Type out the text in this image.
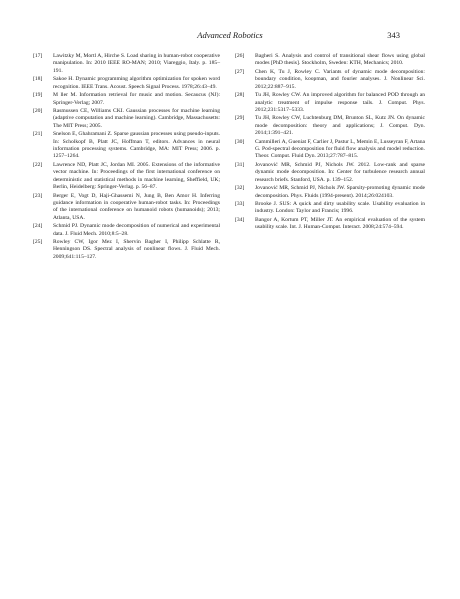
Advanced Robotics	343
[17]	Lawitzky M, Mortl A, Hirche S. Load sharing in human-robot cooperative manipulation. In: 2010 IEEE RO-MAN; 2010; Viareggio, Italy. p. 185–191.
[18]	Sakoe H. Dynamic programming algorithm optimization for spoken word recognition. IEEE Trans. Acoust. Speech Signal Process. 1978;26:43–49.
[19]	M ller M. Information retrieval for music and motion. Secaucus (NJ): Springer-Verlag; 2007.
[20]	Rasmussen CE, Williams CKI. Gaussian processes for machine learning (adaptive computation and machine learning). Cambridge, Massachusetts: The MIT Press; 2005.
[21]	Snelson E, Ghahramani Z. Sparse gaussian processes using pseudo-inputs. In: Scholkopf B, Platt JC, Hoffman T, editors. Advances in neural information processing systems. Cambridge, MA: MIT Press; 2006. p. 1257–1264.
[22]	Lawrence ND, Platt JC, Jordan MI. 2005. Extensions of the informative vector machine. In: Proceedings of the first international conference on deterministic and statistical methods in machine learning, Sheffield, UK; Berlin, Heidelberg: Springer-Verlag. p. 56–87.
[23]	Berger E, Vogt D, Haji-Ghassemi N, Jung B, Ben Amor H. Inferring guidance information in cooperative human-robot tasks. In: Proceedings of the international conference on humanoid robots (humanoids); 2013; Atlanta, USA.
[24]	Schmid PJ. Dynamic mode decomposition of numerical and experimental data. J. Fluid Mech. 2010;8:5–28.
[25]	Rowley CW, Igor Mez I, Shervin Bagher I, Philipp Schlatte R, Henningson DS. Spectral analysis of nonlinear flows. J. Fluid Mech. 2009;641:115–127.
[26]	Bagheri S. Analysis and control of transitional shear flows using global modes [PhD thesis]. Stockholm, Sweden: KTH, Mechanics; 2010.
[27]	Chen K, Tu J, Rowley C. Variants of dynamic mode decomposition: boundary condition, koopman, and fourier analyses. J. Nonlinear Sci. 2012;22:887–915.
[28]	Tu JH, Rowley CW. An improved algorithm for balanced POD through an analytic treatment of impulse response tails. J. Comput. Phys. 2012;231:5317–5333.
[29]	Tu JH, Rowley CW, Luchtenburg DM, Brunton SL, Kutz JN. On dynamic mode decomposition: theory and applications; J. Comput. Dyn. 2014;1:391–421.
[30]	Cammilleri A, Gueniat F, Carlier J, Pastur L, Memin E, Lusseyran F, Artana G. Pod-spectral decomposition for fluid flow analysis and model reduction. Theor. Comput. Fluid Dyn. 2013;27:787–815.
[31]	Jovanović MR, Schmid PJ, Nichols JW. 2012. Low-rank and sparse dynamic mode decomposition. In: Center for turbulence research annual research briefs. Stanford, USA. p. 139–152.
[32]	Jovanović MR, Schmid PJ, Nichols JW. Sparsity-promoting dynamic mode decomposition. Phys. Fluids (1994-present). 2014;26:024103.
[33]	Brooke J. SUS: A quick and dirty usability scale. Usability evaluation in industry. London: Taylor and Francis; 1996.
[34]	Bangor A, Kortum PT, Miller JT. An empirical evaluation of the system usability scale. Int. J. Human-Comput. Interact. 2008;24:574–594.
